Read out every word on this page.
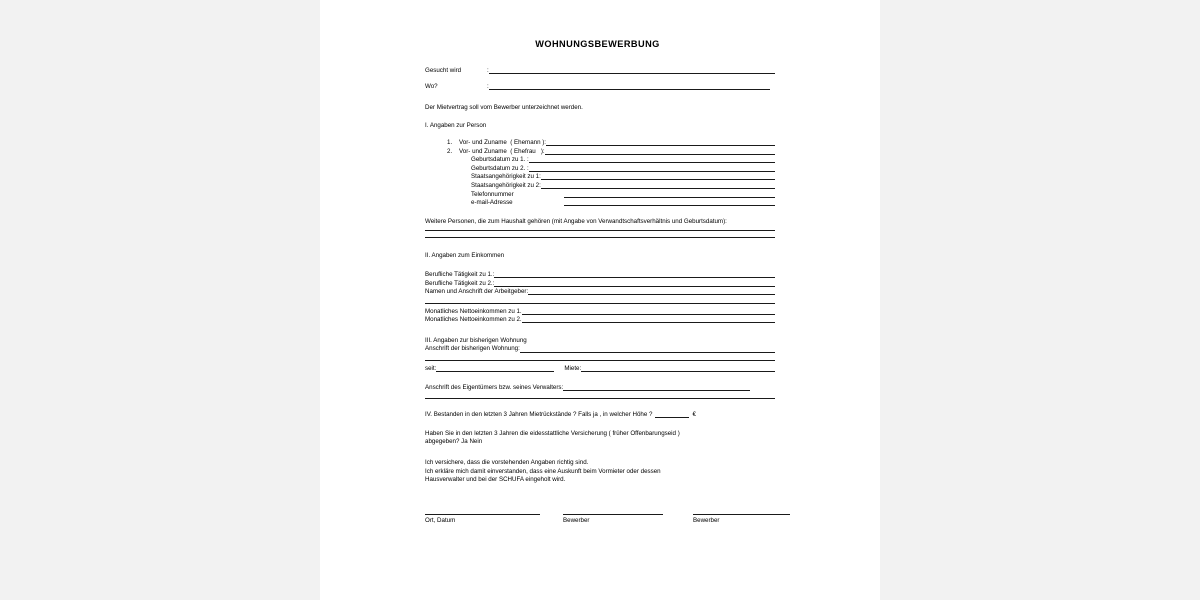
WOHNUNGSBEWERBUNG
Gesucht wird	:
Wo?	:

Der Mietvertrag soll vom Bewerber unterzeichnet werden.

I. Angaben zur Person

1.	Vor- und Zuname  ( Ehemann ):
2.	Vor- und Zuname  ( Ehefrau   ):
Geburtsdatum zu 1. :
Geburtsdatum zu 2. :
Staatsangehörigkeit zu 1:
Staatsangehörigkeit zu 2:
Telefonnummer
e-mail-Adresse

Weitere Personen, die zum Haushalt gehören (mit Angabe von Verwandtschaftsverhältnis und Geburtsdatum):

II. Angaben zum Einkommen

Berufliche Tätigkeit zu 1.:
Berufliche Tätigkeit zu 2.:
Namen und Anschrift der Arbeitgeber:
Monatliches Nettoeinkommen zu 1.
Monatliches Nettoeinkommen zu 2.

III. Angaben zur bisherigen Wohnung

Anschrift der bisherigen Wohnung:
seit:	Miete:
Anschrift des Eigentümers bzw. seines Verwalters:
IV. Bestanden in den letzten 3 Jahren Mietrückstände ? Falls ja , in welcher Höhe ?	€

Haben Sie in den letzten 3 Jahren die eidesstattliche Versicherung ( früher Offenbarungseid )

abgegeben? Ja Nein

Ich versichere, dass die vorstehenden Angaben richtig sind.

Ich erkläre mich damit einverstanden, dass eine Auskunft beim Vormieter oder dessen

Hausverwalter und bei der SCHUFA eingeholt wird.

Ort, Datum	Bewerber	Bewerber
